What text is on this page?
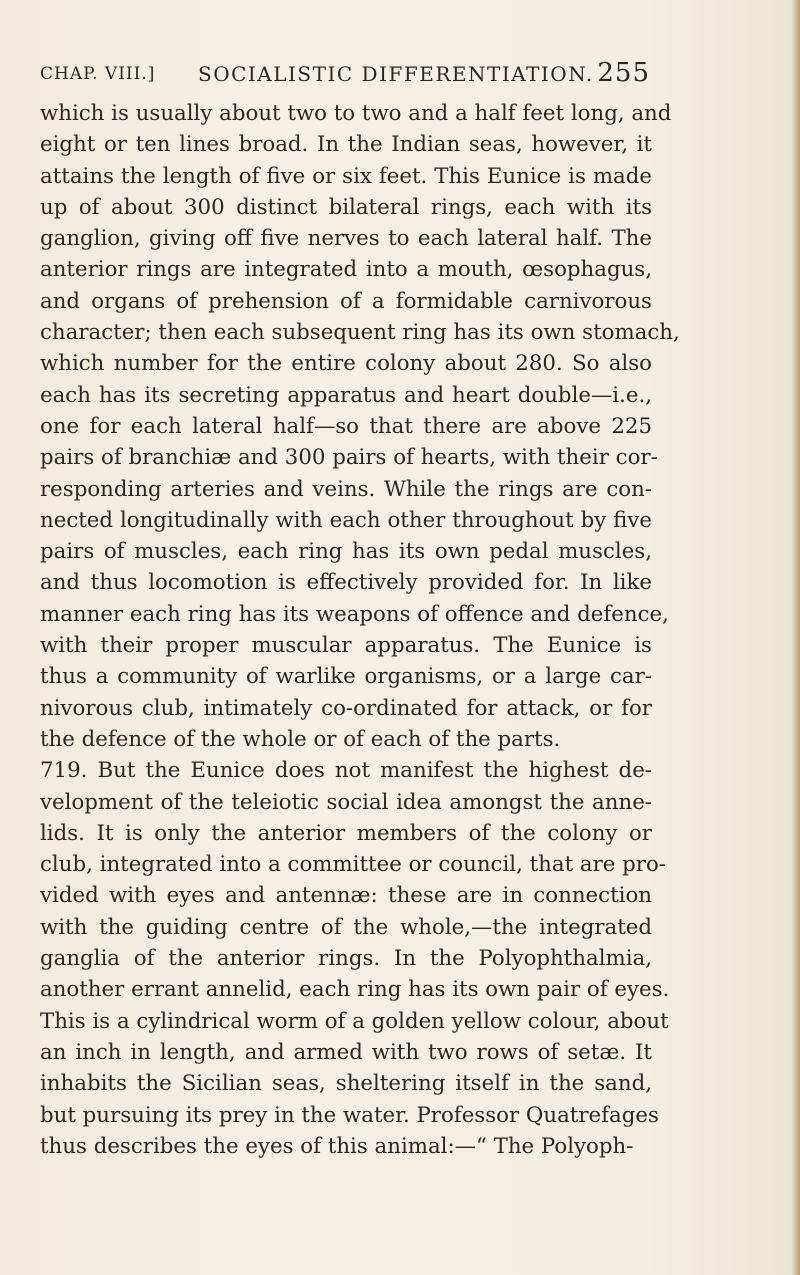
CHAP. VIII.] SOCIALISTIC DIFFERENTIATION. 255
which is usually about two to two and a half feet long, and
eight or ten lines broad. In the Indian seas, however, it
attains the length of five or six feet. This Eunice is made
up of about 300 distinct bilateral rings, each with its
ganglion, giving off five nerves to each lateral half. The
anterior rings are integrated into a mouth, œsophagus,
and organs of prehension of a formidable carnivorous
character; then each subsequent ring has its own stomach,
which number for the entire colony about 280. So also
each has its secreting apparatus and heart double—i.e.,
one for each lateral half—so that there are above 225
pairs of branchiæ and 300 pairs of hearts, with their cor-
responding arteries and veins. While the rings are con-
nected longitudinally with each other throughout by five
pairs of muscles, each ring has its own pedal muscles,
and thus locomotion is effectively provided for. In like
manner each ring has its weapons of offence and defence,
with their proper muscular apparatus. The Eunice is
thus a community of warlike organisms, or a large car-
nivorous club, intimately co-ordinated for attack, or for
the defence of the whole or of each of the parts.
719. But the Eunice does not manifest the highest de-
velopment of the teleiotic social idea amongst the anne-
lids. It is only the anterior members of the colony or
club, integrated into a committee or council, that are pro-
vided with eyes and antennæ: these are in connection
with the guiding centre of the whole,—the integrated
ganglia of the anterior rings. In the Polyophthalmia,
another errant annelid, each ring has its own pair of eyes.
This is a cylindrical worm of a golden yellow colour, about
an inch in length, and armed with two rows of setæ. It
inhabits the Sicilian seas, sheltering itself in the sand,
but pursuing its prey in the water. Professor Quatrefages
thus describes the eyes of this animal:—“ The Polyoph-
